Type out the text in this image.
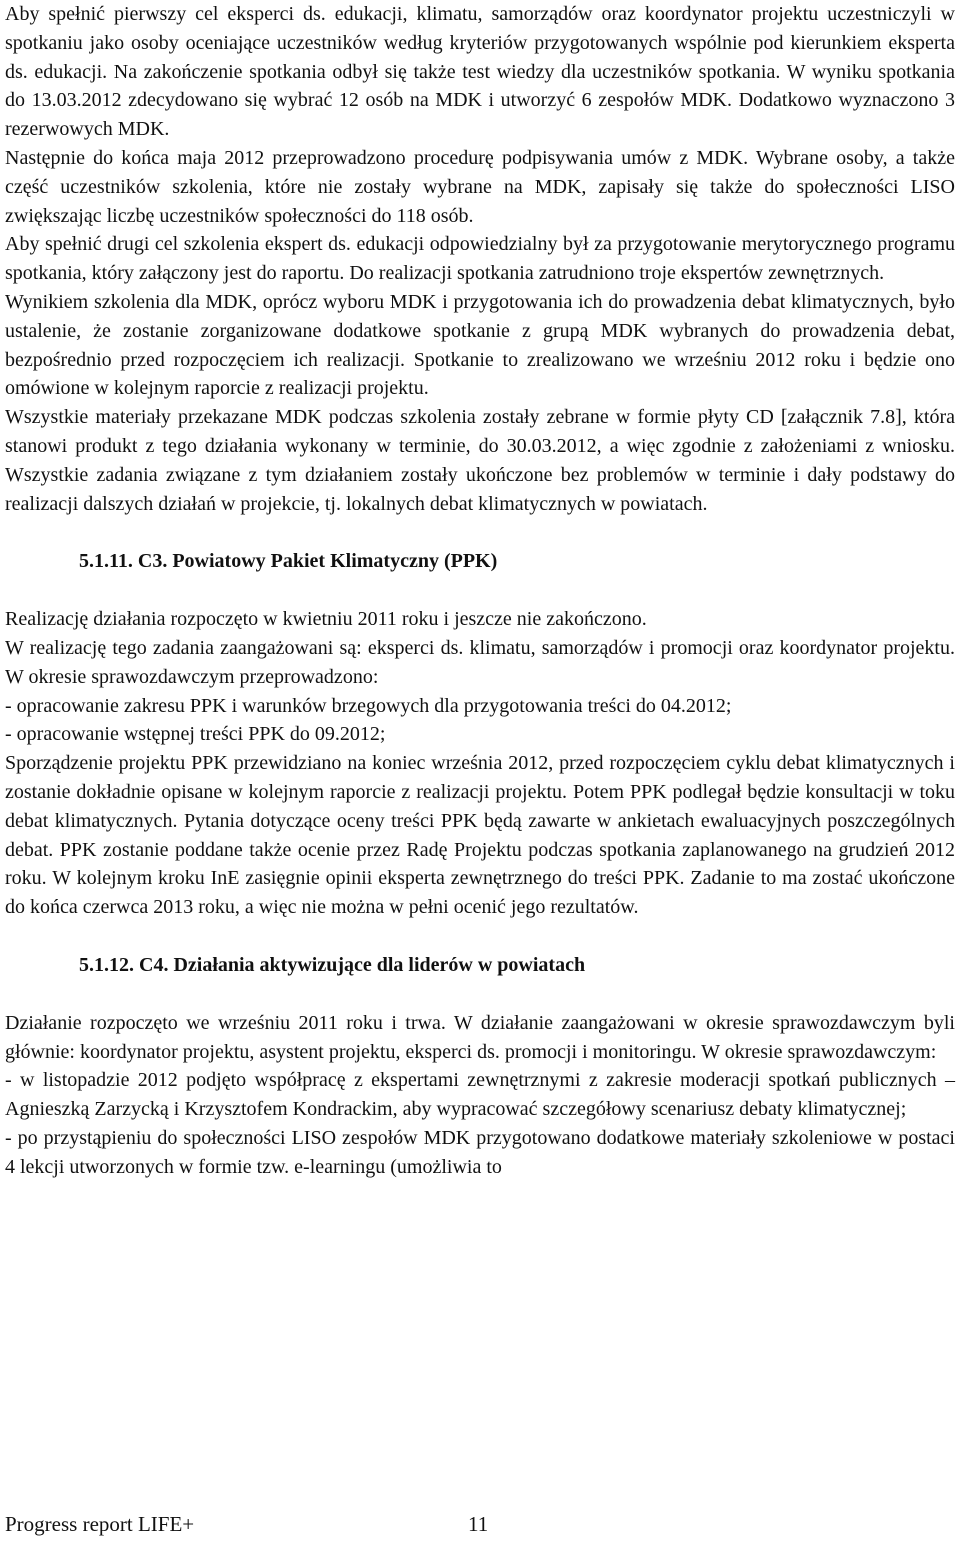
Aby spełnić pierwszy cel eksperci ds. edukacji, klimatu, samorządów oraz koordynator projektu uczestniczyli w spotkaniu jako osoby oceniające uczestników według kryteriów przygotowanych wspólnie pod kierunkiem eksperta ds. edukacji. Na zakończenie spotkania odbył się także test wiedzy dla uczestników spotkania. W wyniku spotkania do 13.03.2012 zdecydowano się wybrać 12 osób na MDK i utworzyć 6 zespołów MDK. Dodatkowo wyznaczono 3 rezerwowych MDK.

Następnie do końca maja 2012 przeprowadzono procedurę podpisywania umów z MDK. Wybrane osoby, a także część uczestników szkolenia, które nie zostały wybrane na MDK, zapisały się także do społeczności LISO zwiększając liczbę uczestników społeczności do 118 osób.

Aby spełnić drugi cel szkolenia ekspert ds. edukacji odpowiedzialny był za przygotowanie merytorycznego programu spotkania, który załączony jest do raportu. Do realizacji spotkania zatrudniono troje ekspertów zewnętrznych.

Wynikiem szkolenia dla MDK, oprócz wyboru MDK i przygotowania ich do prowadzenia debat klimatycznych, było ustalenie, że zostanie zorganizowane dodatkowe spotkanie z grupą MDK wybranych do prowadzenia debat, bezpośrednio przed rozpoczęciem ich realizacji. Spotkanie to zrealizowano we wrześniu 2012 roku i będzie ono omówione w kolejnym raporcie z realizacji projektu.

Wszystkie materiały przekazane MDK podczas szkolenia zostały zebrane w formie płyty CD [załącznik 7.8], która stanowi produkt z tego działania wykonany w terminie, do 30.03.2012, a więc zgodnie z założeniami z wniosku. Wszystkie zadania związane z tym działaniem zostały ukończone bez problemów w terminie i dały podstawy do realizacji dalszych działań w projekcie, tj. lokalnych debat klimatycznych w powiatach.

5.1.11. C3. Powiatowy Pakiet Klimatyczny (PPK)

Realizację działania rozpoczęto w kwietniu 2011 roku i jeszcze nie zakończono.

W realizację tego zadania zaangażowani są: eksperci ds. klimatu, samorządów i promocji oraz koordynator projektu. W okresie sprawozdawczym przeprowadzono:

- opracowanie zakresu PPK i warunków brzegowych dla przygotowania treści do 04.2012;

- opracowanie wstępnej treści PPK do 09.2012;

Sporządzenie projektu PPK przewidziano na koniec września 2012, przed rozpoczęciem cyklu debat klimatycznych i zostanie dokładnie opisane w kolejnym raporcie z realizacji projektu. Potem PPK podlegał będzie konsultacji w toku debat klimatycznych. Pytania dotyczące oceny treści PPK będą zawarte w ankietach ewaluacyjnych poszczególnych debat. PPK zostanie poddane także ocenie przez Radę Projektu podczas spotkania zaplanowanego na grudzień 2012 roku. W kolejnym kroku InE zasięgnie opinii eksperta zewnętrznego do treści PPK. Zadanie to ma zostać ukończone do końca czerwca 2013 roku, a więc nie można w pełni ocenić jego rezultatów.

5.1.12. C4. Działania aktywizujące dla liderów w powiatach

Działanie rozpoczęto we wrześniu 2011 roku i trwa. W działanie zaangażowani w okresie sprawozdawczym byli głównie: koordynator projektu, asystent projektu, eksperci ds. promocji i monitoringu. W okresie sprawozdawczym:

- w listopadzie 2012 podjęto współpracę z ekspertami zewnętrznymi z zakresie moderacji spotkań publicznych – Agnieszką Zarzycką i Krzysztofem Kondrackim, aby wypracować szczegółowy scenariusz debaty klimatycznej;

- po przystąpieniu do społeczności LISO zespołów MDK przygotowano dodatkowe materiały szkoleniowe w postaci 4 lekcji utworzonych w formie tzw. e-learningu (umożliwia to

Progress report LIFE+	11
